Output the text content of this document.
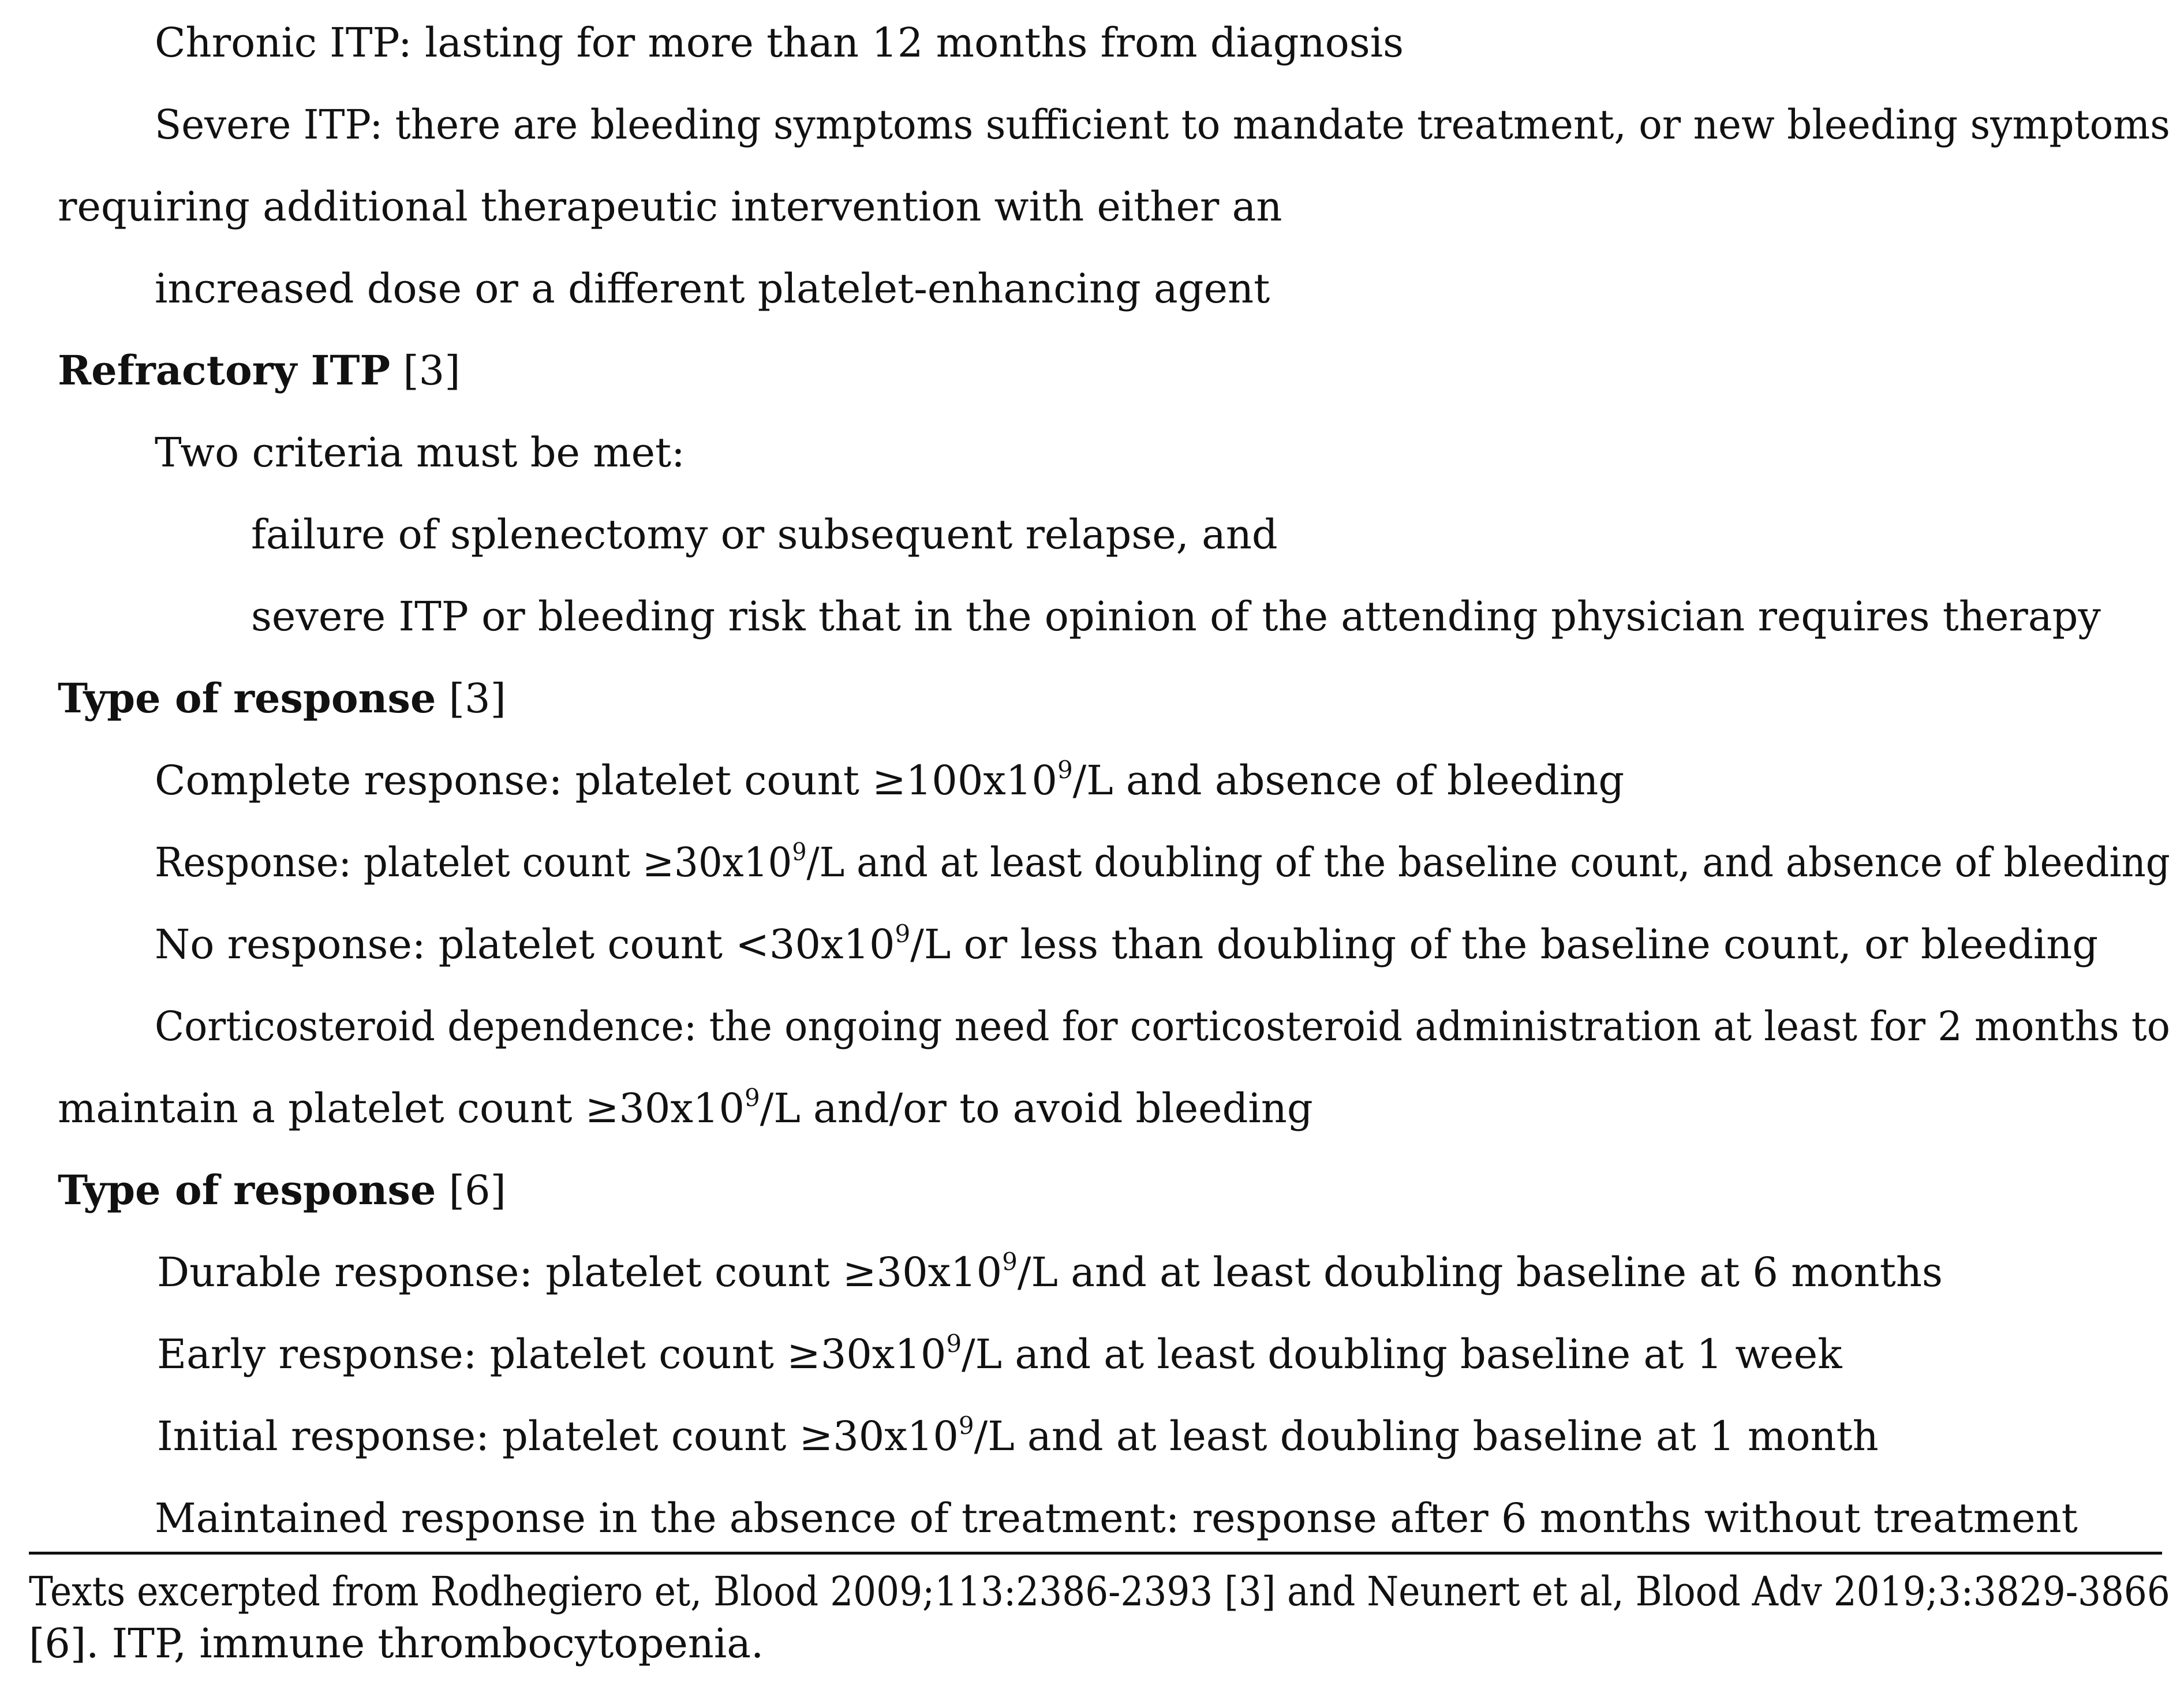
Chronic ITP: lasting for more than 12 months from diagnosis
Severe ITP: there are bleeding symptoms sufficient to mandate treatment, or new bleeding symptoms
requiring additional therapeutic intervention with either an
increased dose or a different platelet-enhancing agent
Refractory ITP [3]
Two criteria must be met:
failure of splenectomy or subsequent relapse, and
severe ITP or bleeding risk that in the opinion of the attending physician requires therapy
Type of response [3]
Complete response: platelet count $\ge 100x10^9/L$ and absence of bleeding
Response: platelet count $\ge 30x10^9/L$ and at least doubling of the baseline count, and absence of bleeding
No response: platelet count $<30x10^9/L$ or less than doubling of the baseline count, or bleeding
Corticosteroid dependence: the ongoing need for corticosteroid administration at least for 2 months to
maintain a platelet count $\ge 30x10^9/L$ and/or to avoid bleeding
Type of response [6]
Durable response: platelet count $\ge 30x10^9/L$ and at least doubling baseline at 6 months
Early response: platelet count $\ge 30x10^9/L$ and at least doubling baseline at 1 week
Initial response: platelet count $\ge 30x10^9/L$ and at least doubling baseline at 1 month
Maintained response in the absence of treatment: response after 6 months without treatment
Texts excerpted from Rodhegiero et, Blood 2009;113:2386-2393 [3] and Neunert et al, Blood Adv 2019;3:3829-3866
[6]. ITP, immune thrombocytopenia.
